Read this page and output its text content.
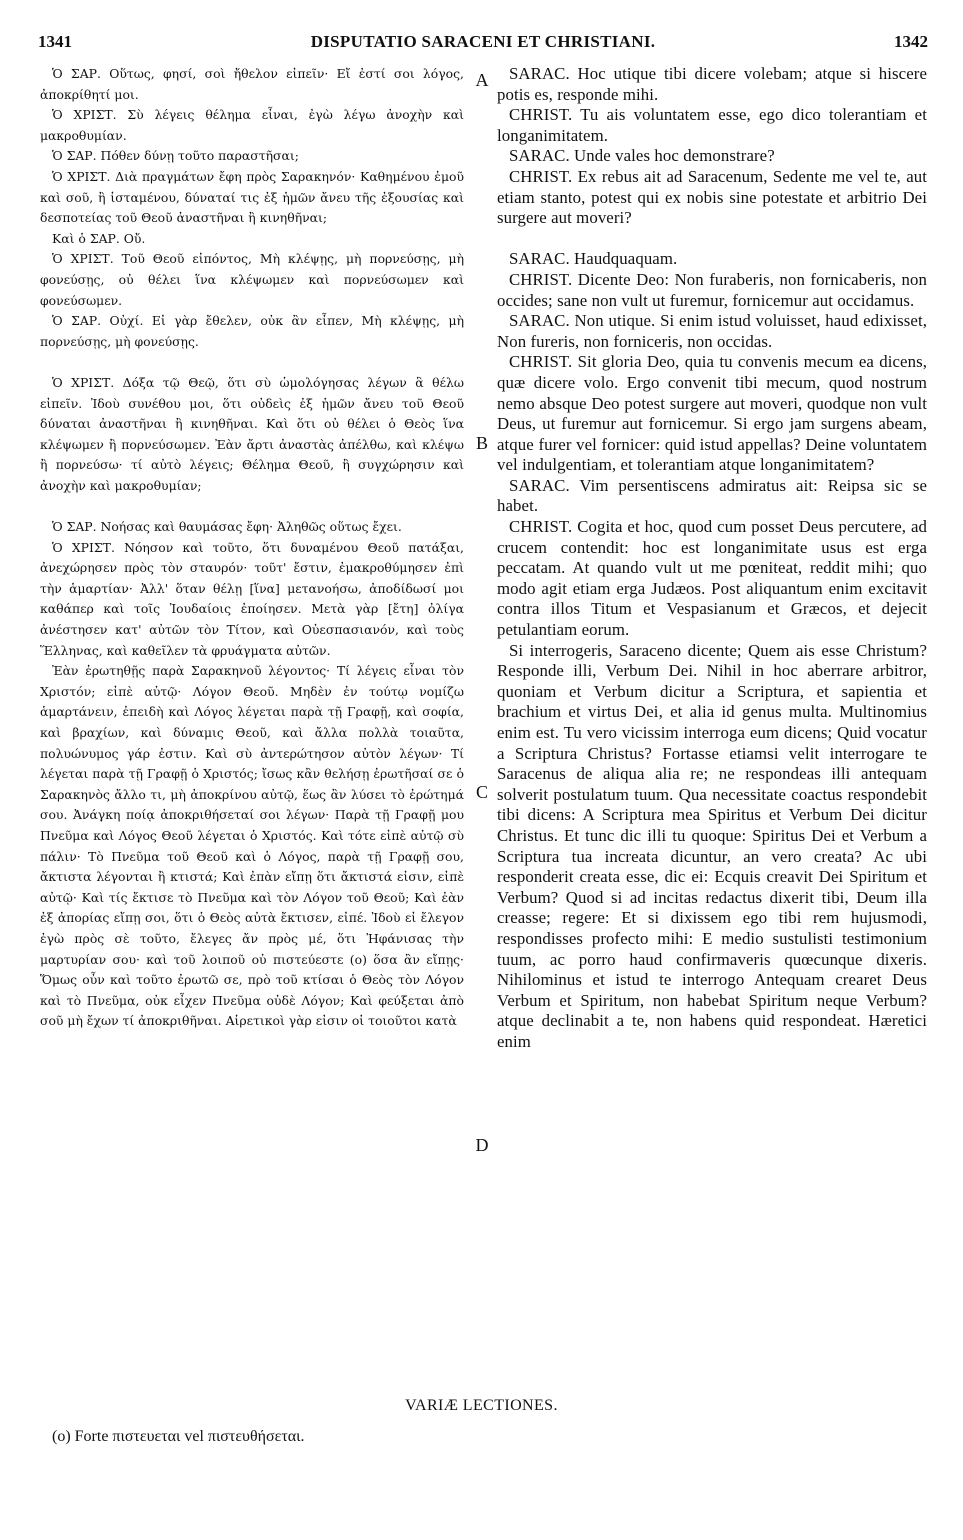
1341	DISPUTATIO SARACENI ET CHRISTIANI.	1342

Ὁ ΣΑΡ. Οὕτως, φησί, σοὶ ἤθελον εἰπεῖν· Εἴ ἐστί σοι λόγος, ἀποκρίθητί μοι.

Ὁ ΧΡΙΣΤ. Σὺ λέγεις θέλημα εἶναι, ἐγὼ λέγω ἀνοχὴν καὶ μακροθυμίαν.

Ὁ ΣΑΡ. Πόθεν δύνῃ τοῦτο παραστῆσαι;

Ὁ ΧΡΙΣΤ. Διὰ πραγμάτων ἔφη πρὸς Σαρακηνόν· Καθημένου ἐμοῦ καὶ σοῦ, ἢ ἱσταμένου, δύναταί τις ἐξ ἡμῶν ἄνευ τῆς ἐξουσίας καὶ δεσποτείας τοῦ Θεοῦ ἀναστῆναι ἢ κινηθῆναι;

Καὶ ὁ ΣΑΡ. Οὔ.

Ὁ ΧΡΙΣΤ. Τοῦ Θεοῦ εἰπόντος, Μὴ κλέψῃς, μὴ πορνεύσῃς, μὴ φονεύσῃς, οὐ θέλει ἵνα κλέψωμεν καὶ πορνεύσωμεν καὶ φονεύσωμεν.

Ὁ ΣΑΡ. Οὐχί. Εἰ γὰρ ἔθελεν, οὐκ ἂν εἶπεν, Μὴ κλέψῃς, μὴ πορνεύσῃς, μὴ φονεύσῃς.

Ὁ ΧΡΙΣΤ. Δόξα τῷ Θεῷ, ὅτι σὺ ὡμολόγησας λέγων ἃ θέλω εἰπεῖν. Ἰδοὺ συνέθου μοι, ὅτι οὐδεὶς ἐξ ἡμῶν ἄνευ τοῦ Θεοῦ δύναται ἀναστῆναι ἢ κινηθῆναι. Καὶ ὅτι οὐ θέλει ὁ Θεὸς ἵνα κλέψωμεν ἢ πορνεύσωμεν. Ἐὰν ἄρτι ἀναστὰς ἀπέλθω, καὶ κλέψω ἢ πορνεύσω· τί αὐτὸ λέγεις; Θέλημα Θεοῦ, ἢ συγχώρησιν καὶ ἀνοχὴν καὶ μακροθυμίαν;

Ὁ ΣΑΡ. Νοήσας καὶ θαυμάσας ἔφη· Ἀληθῶς οὕτως ἔχει.

Ὁ ΧΡΙΣΤ. Νόησον καὶ τοῦτο, ὅτι δυναμένου Θεοῦ πατάξαι, ἀνεχώρησεν πρὸς τὸν σταυρόν· τοῦτ' ἔστιν, ἐμακροθύμησεν ἐπὶ τὴν ἁμαρτίαν· Ἀλλ' ὅταν θέλῃ [ἵνα] μετανοήσω, ἀποδίδωσί μοι καθάπερ καὶ τοῖς Ἰουδαίοις ἐποίησεν. Μετὰ γὰρ [ἔτη] ὀλίγα ἀνέστησεν κατ' αὐτῶν τὸν Τίτον, καὶ Οὐεσπασιανόν, καὶ τοὺς Ἕλληνας, καὶ καθεῖλεν τὰ φρυάγματα αὐτῶν.

Ἐὰν ἐρωτηθῇς παρὰ Σαρακηνοῦ λέγοντος· Τί λέγεις εἶναι τὸν Χριστόν; εἰπὲ αὐτῷ· Λόγον Θεοῦ. Μηδὲν ἐν τούτῳ νομίζω ἁμαρτάνειν, ἐπειδὴ καὶ Λόγος λέγεται παρὰ τῇ Γραφῇ, καὶ σοφία, καὶ βραχίων, καὶ δύναμις Θεοῦ, καὶ ἄλλα πολλὰ τοιαῦτα, πολυώνυμος γάρ ἐστιν. Καὶ σὺ ἀντερώτησον αὐτὸν λέγων· Τί λέγεται παρὰ τῇ Γραφῇ ὁ Χριστός; ἴσως κἂν θελήσῃ ἐρωτῆσαί σε ὁ Σαρακηνὸς ἄλλο τι, μὴ ἀποκρίνου αὐτῷ, ἕως ἂν λύσει τὸ ἐρώτημά σου. Ἀνάγκη ποίᾳ ἀποκριθήσεταί σοι λέγων· Παρὰ τῇ Γραφῇ μου Πνεῦμα καὶ Λόγος Θεοῦ λέγεται ὁ Χριστός. Καὶ τότε εἰπὲ αὐτῷ σὺ πάλιν· Τὸ Πνεῦμα τοῦ Θεοῦ καὶ ὁ Λόγος, παρὰ τῇ Γραφῇ σου, ἄκτιστα λέγονται ἢ κτιστά; Καὶ ἐπὰν εἴπῃ ὅτι ἄκτιστά εἰσιν, εἰπὲ αὐτῷ· Καὶ τίς ἔκτισε τὸ Πνεῦμα καὶ τὸν Λόγον τοῦ Θεοῦ; Καὶ ἐὰν ἐξ ἀπορίας εἴπῃ σοι, ὅτι ὁ Θεὸς αὐτὰ ἔκτισεν, εἰπέ. Ἰδοὺ εἰ ἔλεγον ἐγὼ πρὸς σὲ τοῦτο, ἔλεγες ἄν πρὸς μέ, ὅτι Ἠφάνισας τὴν μαρτυρίαν σου· καὶ τοῦ λοιποῦ οὐ πιστεύεστε (ο) ὅσα ἂν εἴπῃς· Ὅμως οὖν καὶ τοῦτο ἐρωτῶ σε, πρὸ τοῦ κτίσαι ὁ Θεὸς τὸν Λόγον καὶ τὸ Πνεῦμα, οὐκ εἶχεν Πνεῦμα οὐδὲ Λόγον; Καὶ φεύξεται ἀπὸ σοῦ μὴ ἔχων τί ἀποκριθῆναι. Αἱρετικοὶ γὰρ εἰσιν οἱ τοιοῦτοι κατὰ

A
B
C
D

SARAC. Hoc utique tibi dicere volebam; atque si hiscere potis es, responde mihi.

CHRIST. Tu ais voluntatem esse, ego dico tolerantiam et longanimitatem.

SARAC. Unde vales hoc demonstrare?

CHRIST. Ex rebus ait ad Saracenum, Sedente me vel te, aut etiam stanto, potest qui ex nobis sine potestate et arbitrio Dei surgere aut moveri?

SARAC. Haudquaquam.

CHRIST. Dicente Deo: Non furaberis, non fornicaberis, non occides; sane non vult ut furemur, fornicemur aut occidamus.

SARAC. Non utique. Si enim istud voluisset, haud edixisset, Non fureris, non forniceris, non occidas.

CHRIST. Sit gloria Deo, quia tu convenis mecum ea dicens, quæ dicere volo. Ergo convenit tibi mecum, quod nostrum nemo absque Deo potest surgere aut moveri, quodque non vult Deus, ut furemur aut fornicemur. Si ergo jam surgens abeam, atque furer vel fornicer: quid istud appellas? Deine voluntatem vel indulgentiam, et tolerantiam atque longanimitatem?

SARAC. Vim persentiscens admiratus ait: Reipsa sic se habet.

CHRIST. Cogita et hoc, quod cum posset Deus percutere, ad crucem contendit: hoc est longanimitate usus est erga peccatam. At quando vult ut me pœniteat, reddit mihi; quo modo agit etiam erga Judæos. Post aliquantum enim excitavit contra illos Titum et Vespasianum et Græcos, et dejecit petulantiam eorum.

Si interrogeris, Saraceno dicente; Quem ais esse Christum? Responde illi, Verbum Dei. Nihil in hoc aberrare arbitror, quoniam et Verbum dicitur a Scriptura, et sapientia et brachium et virtus Dei, et alia id genus multa. Multinomius enim est. Tu vero vicissim interroga eum dicens; Quid vocatur a Scriptura Christus? Fortasse etiamsi velit interrogare te Saracenus de aliqua alia re; ne respondeas illi antequam solverit postulatum tuum. Qua necessitate coactus respondebit tibi dicens: A Scriptura mea Spiritus et Verbum Dei dicitur Christus. Et tunc dic illi tu quoque: Spiritus Dei et Verbum a Scriptura tua increata dicuntur, an vero creata? Ac ubi responderit creata esse, dic ei: Ecquis creavit Dei Spiritum et Verbum? Quod si ad incitas redactus dixerit tibi, Deum illa creasse; regere: Et si dixissem ego tibi rem hujusmodi, respondisses profecto mihi: E medio sustulisti testimonium tuum, ac porro haud confirmaveris quœcunque dixeris. Nihilominus et istud te interrogo Antequam crearet Deus Verbum et Spiritum, non habebat Spiritum neque Verbum? atque declinabit a te, non habens quid respondeat. Hæretici enim

VARIÆ LECTIONES.
(o) Forte πιστευεται vel πιστευθήσεται.
